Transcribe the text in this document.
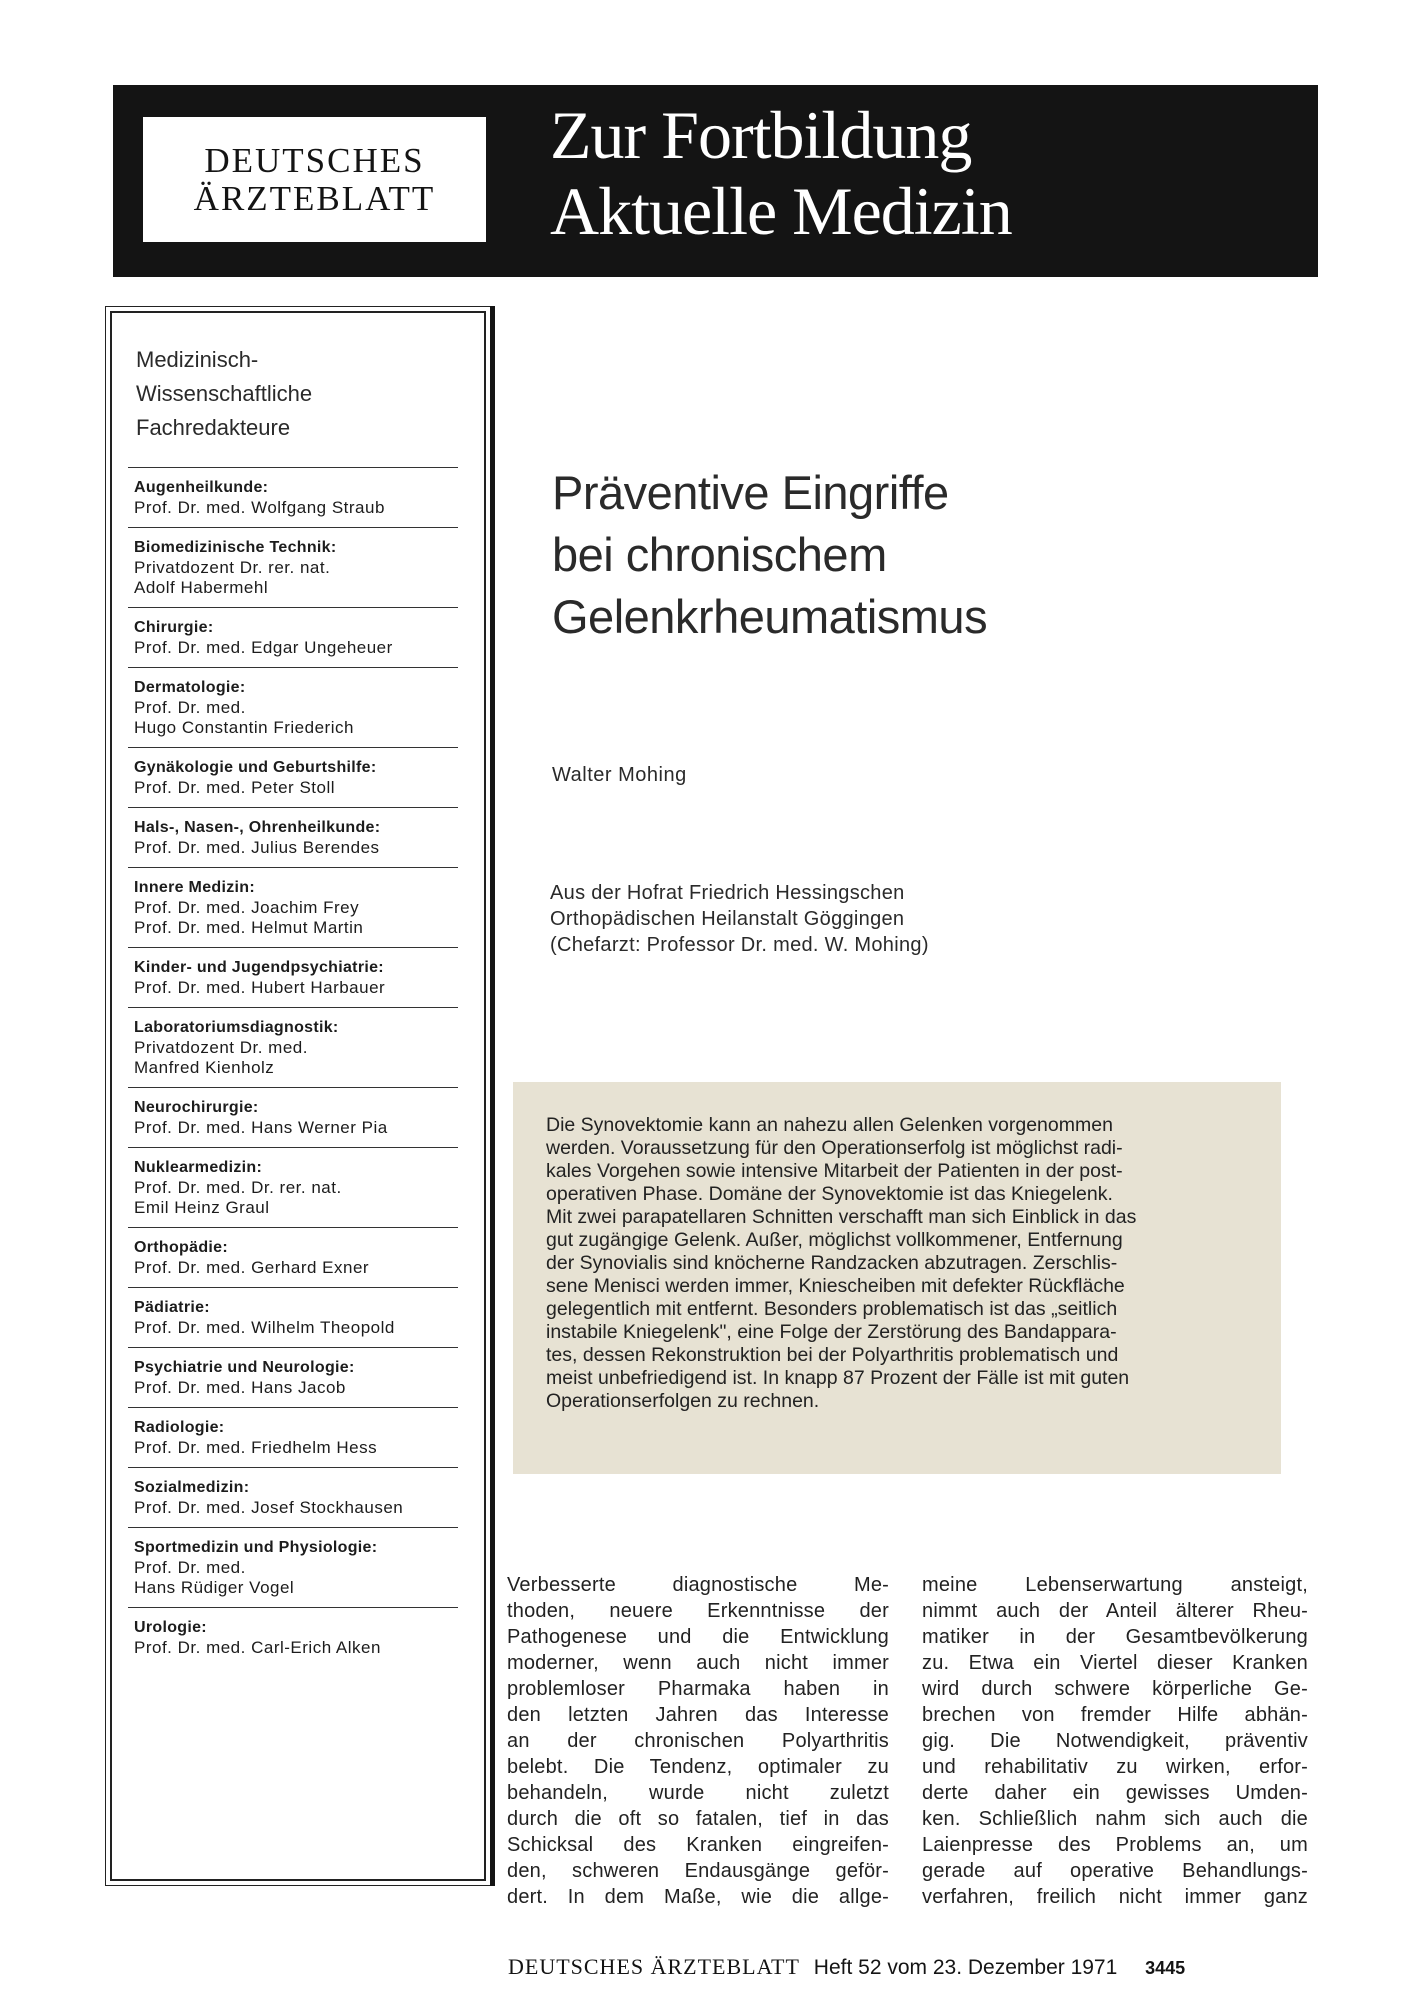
DEUTSCHES
ÄRZTEBLATT
Zur Fortbildung
Aktuelle Medizin
Medizinisch-
Wissenschaftliche
Fachredakteure
Augenheilkunde:
Prof. Dr. med. Wolfgang Straub
Biomedizinische Technik:
Privatdozent Dr. rer. nat.
Adolf Habermehl
Chirurgie:
Prof. Dr. med. Edgar Ungeheuer
Dermatologie:
Prof. Dr. med.
Hugo Constantin Friederich
Gynäkologie und Geburtshilfe:
Prof. Dr. med. Peter Stoll
Hals-, Nasen-, Ohrenheilkunde:
Prof. Dr. med. Julius Berendes
Innere Medizin:
Prof. Dr. med. Joachim Frey
Prof. Dr. med. Helmut Martin
Kinder- und Jugendpsychiatrie:
Prof. Dr. med. Hubert Harbauer
Laboratoriumsdiagnostik:
Privatdozent Dr. med.
Manfred Kienholz
Neurochirurgie:
Prof. Dr. med. Hans Werner Pia
Nuklearmedizin:
Prof. Dr. med. Dr. rer. nat.
Emil Heinz Graul
Orthopädie:
Prof. Dr. med. Gerhard Exner
Pädiatrie:
Prof. Dr. med. Wilhelm Theopold
Psychiatrie und Neurologie:
Prof. Dr. med. Hans Jacob
Radiologie:
Prof. Dr. med. Friedhelm Hess
Sozialmedizin:
Prof. Dr. med. Josef Stockhausen
Sportmedizin und Physiologie:
Prof. Dr. med.
Hans Rüdiger Vogel
Urologie:
Prof. Dr. med. Carl-Erich Alken
Präventive Eingriffe
bei chronischem
Gelenkrheumatismus
Walter Mohing
Aus der Hofrat Friedrich Hessingschen
Orthopädischen Heilanstalt Göggingen
(Chefarzt: Professor Dr. med. W. Mohing)
Die Synovektomie kann an nahezu allen Gelenken vorgenommen
werden. Voraussetzung für den Operationserfolg ist möglichst radi-
kales Vorgehen sowie intensive Mitarbeit der Patienten in der post-
operativen Phase. Domäne der Synovektomie ist das Kniegelenk.
Mit zwei parapatellaren Schnitten verschafft man sich Einblick in das
gut zugängige Gelenk. Außer, möglichst vollkommener, Entfernung
der Synovialis sind knöcherne Randzacken abzutragen. Zerschlis-
sene Menisci werden immer, Kniescheiben mit defekter Rückfläche
gelegentlich mit entfernt. Besonders problematisch ist das „seitlich
instabile Kniegelenk", eine Folge der Zerstörung des Bandappara-
tes, dessen Rekonstruktion bei der Polyarthritis problematisch und
meist unbefriedigend ist. In knapp 87 Prozent der Fälle ist mit guten
Operationserfolgen zu rechnen.
Verbesserte diagnostische Me-
thoden, neuere Erkenntnisse der
Pathogenese und die Entwicklung
moderner, wenn auch nicht immer
problemloser Pharmaka haben in
den letzten Jahren das Interesse
an der chronischen Polyarthritis
belebt. Die Tendenz, optimaler zu
behandeln, wurde nicht zuletzt
durch die oft so fatalen, tief in das
Schicksal des Kranken eingreifen-
den, schweren Endausgänge geför-
dert. In dem Maße, wie die allge-
meine Lebenserwartung ansteigt,
nimmt auch der Anteil älterer Rheu-
matiker in der Gesamtbevölkerung
zu. Etwa ein Viertel dieser Kranken
wird durch schwere körperliche Ge-
brechen von fremder Hilfe abhän-
gig. Die Notwendigkeit, präventiv
und rehabilitativ zu wirken, erfor-
derte daher ein gewisses Umden-
ken. Schließlich nahm sich auch die
Laienpresse des Problems an, um
gerade auf operative Behandlungs-
verfahren, freilich nicht immer ganz
DEUTSCHES ÄRZTEBLATT Heft 52 vom 23. Dezember 1971 3445
